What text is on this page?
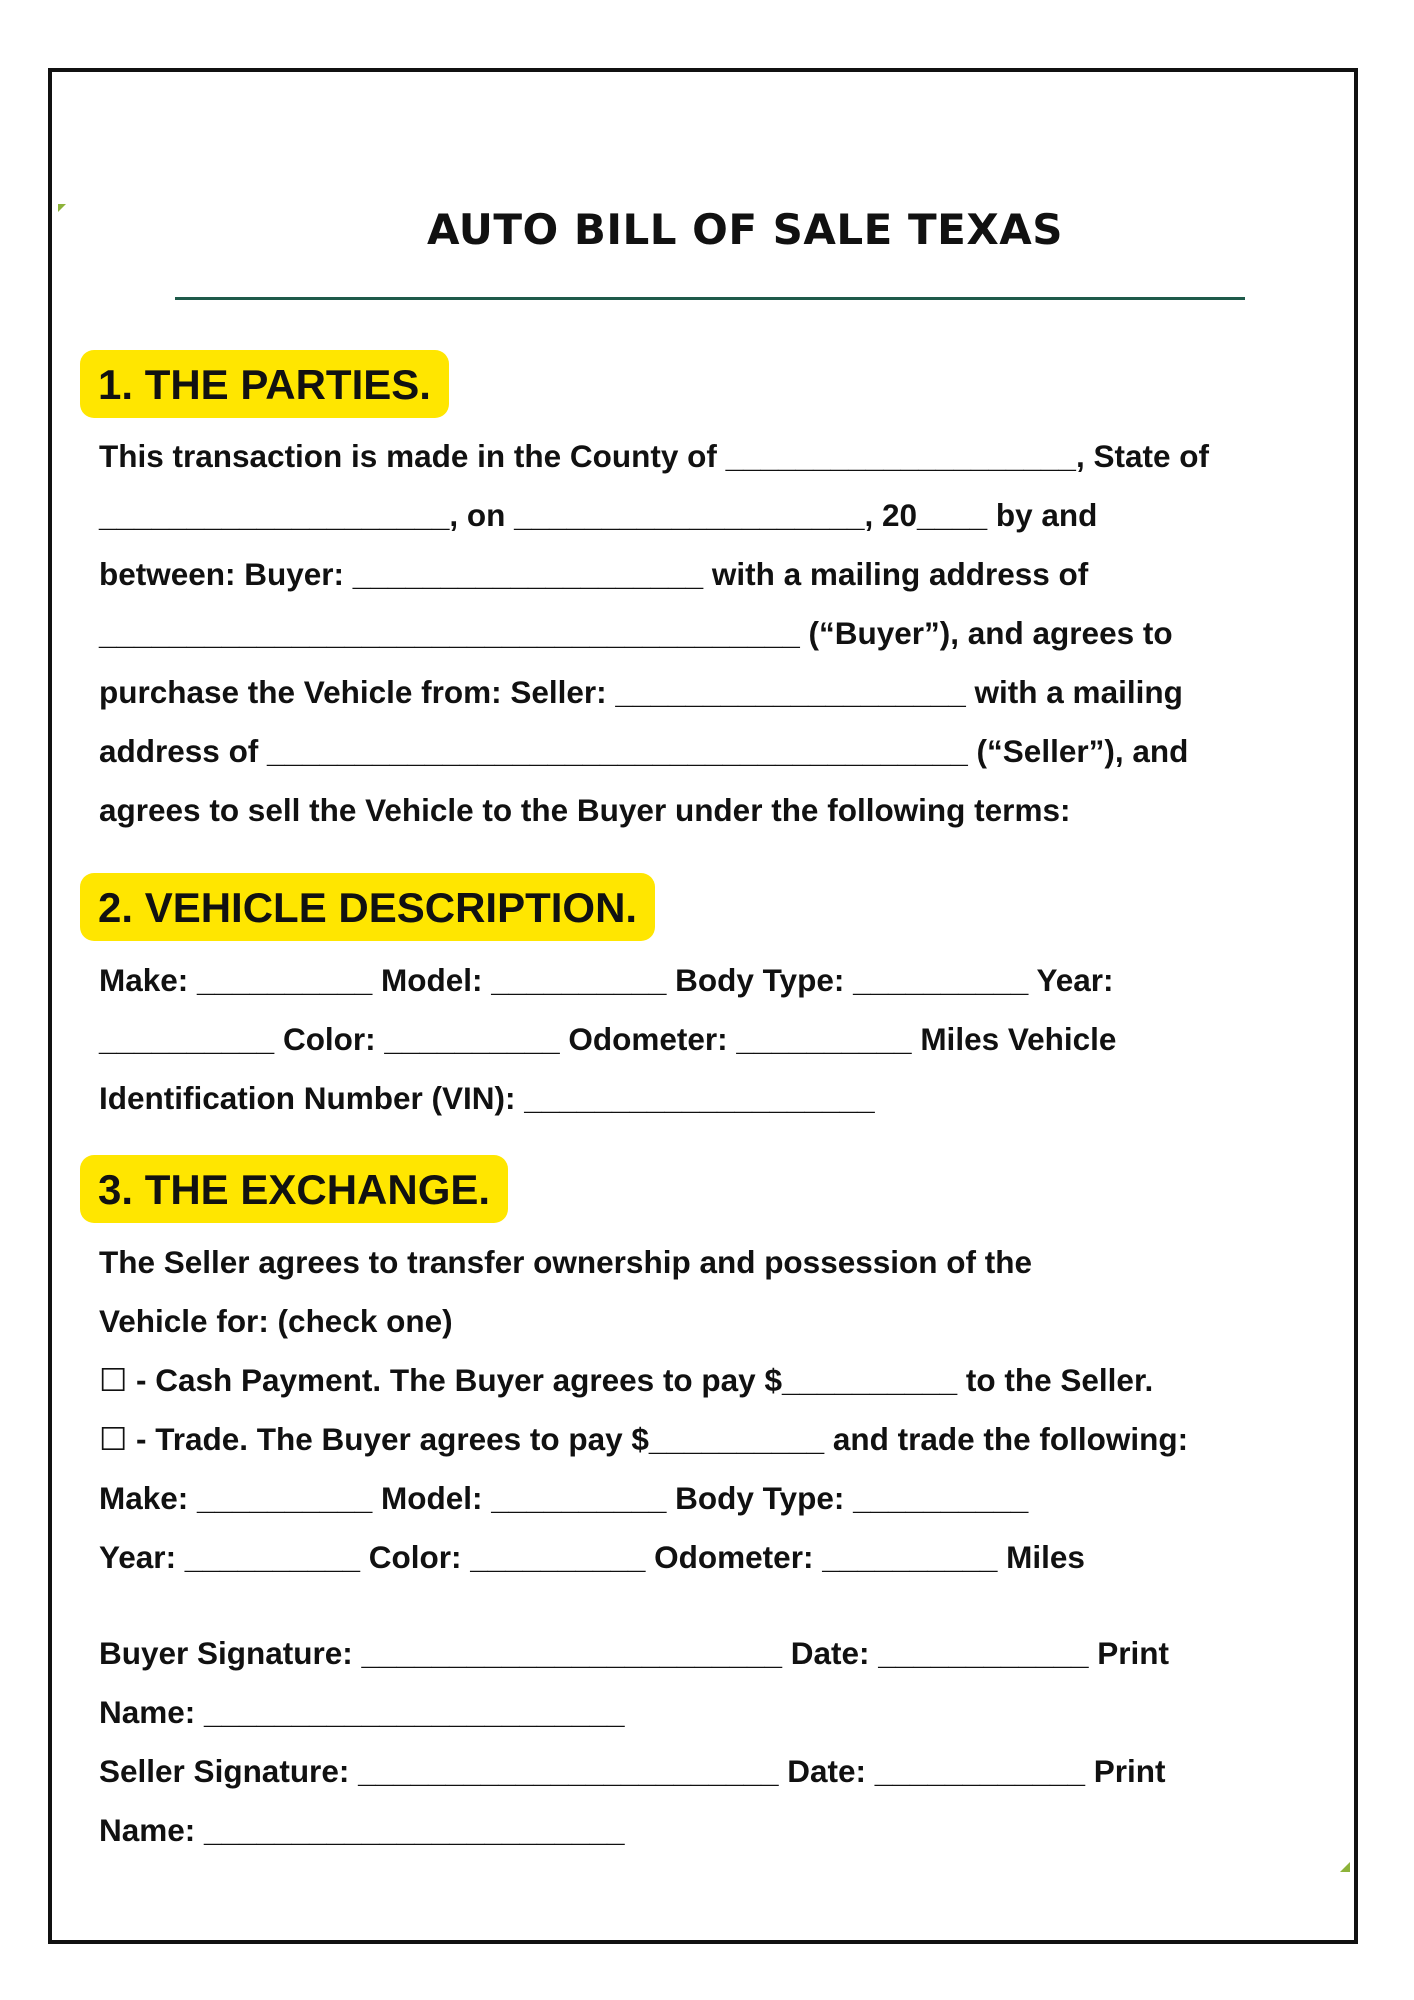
AUTO BILL OF SALE TEXAS
1. THE PARTIES.
This transaction is made in the County of ____________________, State of
____________________, on ____________________, 20____ by and
between: Buyer: ____________________ with a mailing address of
________________________________________ (“Buyer”), and agrees to
purchase the Vehicle from: Seller: ____________________ with a mailing
address of ________________________________________ (“Seller”), and
agrees to sell the Vehicle to the Buyer under the following terms:
2. VEHICLE DESCRIPTION.
Make: __________ Model: __________ Body Type: __________ Year:
__________ Color: __________ Odometer: __________ Miles Vehicle
Identification Number (VIN): ____________________
3. THE EXCHANGE.
The Seller agrees to transfer ownership and possession of the
Vehicle for: (check one)
☐ - Cash Payment. The Buyer agrees to pay $__________ to the Seller.
☐ - Trade. The Buyer agrees to pay $__________ and trade the following:
Make: __________ Model: __________ Body Type: __________
Year: __________ Color: __________ Odometer: __________ Miles
Buyer Signature: ________________________ Date: ____________ Print
Name: ________________________
Seller Signature: ________________________ Date: ____________ Print
Name: ________________________
